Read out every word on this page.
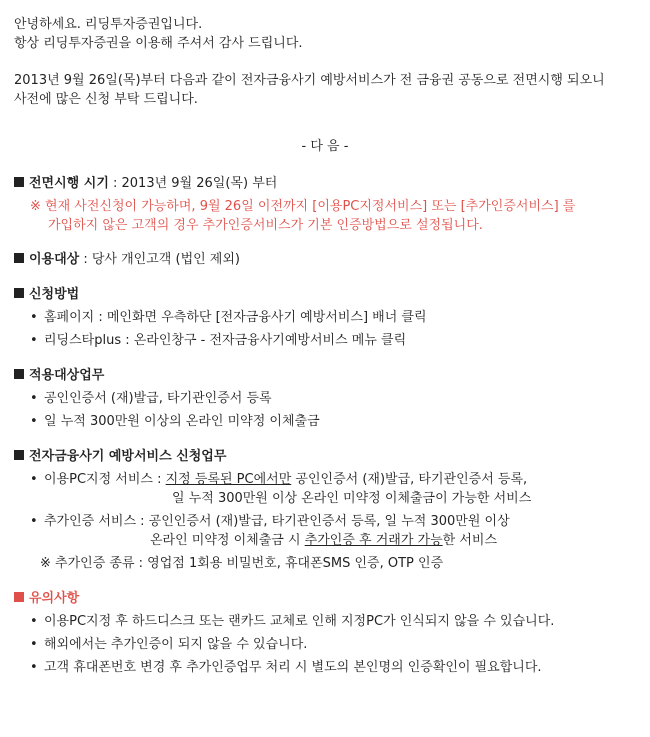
안녕하세요. 리딩투자증권입니다.
항상 리딩투자증권을 이용해 주셔서 감사 드립니다.
2013년 9월 26일(목)부터 다음과 같이 전자금융사기 예방서비스가 전 금융권 공동으로 전면시행 되오니
사전에 많은 신청 부탁 드립니다.
- 다 음 -
전면시행 시기 : 2013년 9월 26일(목) 부터
※ 현재 사전신청이 가능하며, 9월 26일 이전까지 [이용PC지정서비스] 또는 [추가인증서비스] 를
가입하지 않은 고객의 경우 추가인증서비스가 기본 인증방법으로 설정됩니다.
이용대상 : 당사 개인고객 (법인 제외)
신청방법
• 홈페이지 : 메인화면 우측하단 [전자금융사기 예방서비스] 배너 클릭
• 리딩스타plus : 온라인창구 - 전자금융사기예방서비스 메뉴 클릭
적용대상업무
• 공인인증서 (재)발급, 타기관인증서 등록
• 일 누적 300만원 이상의 온라인 미약정 이체출금
전자금융사기 예방서비스 신청업무
• 이용PC지정 서비스 : 지정 등록된 PC에서만 공인인증서 (재)발급, 타기관인증서 등록,
일 누적 300만원 이상 온라인 미약정 이체출금이 가능한 서비스
• 추가인증 서비스 : 공인인증서 (재)발급, 타기관인증서 등록, 일 누적 300만원 이상
온라인 미약정 이체출금 시 추가인증 후 거래가 가능한 서비스
※ 추가인증 종류 : 영업점 1회용 비밀번호, 휴대폰SMS 인증, OTP 인증
유의사항
• 이용PC지정 후 하드디스크 또는 랜카드 교체로 인해 지정PC가 인식되지 않을 수 있습니다.
• 해외에서는 추가인증이 되지 않을 수 있습니다.
• 고객 휴대폰번호 변경 후 추가인증업무 처리 시 별도의 본인명의 인증확인이 필요합니다.
